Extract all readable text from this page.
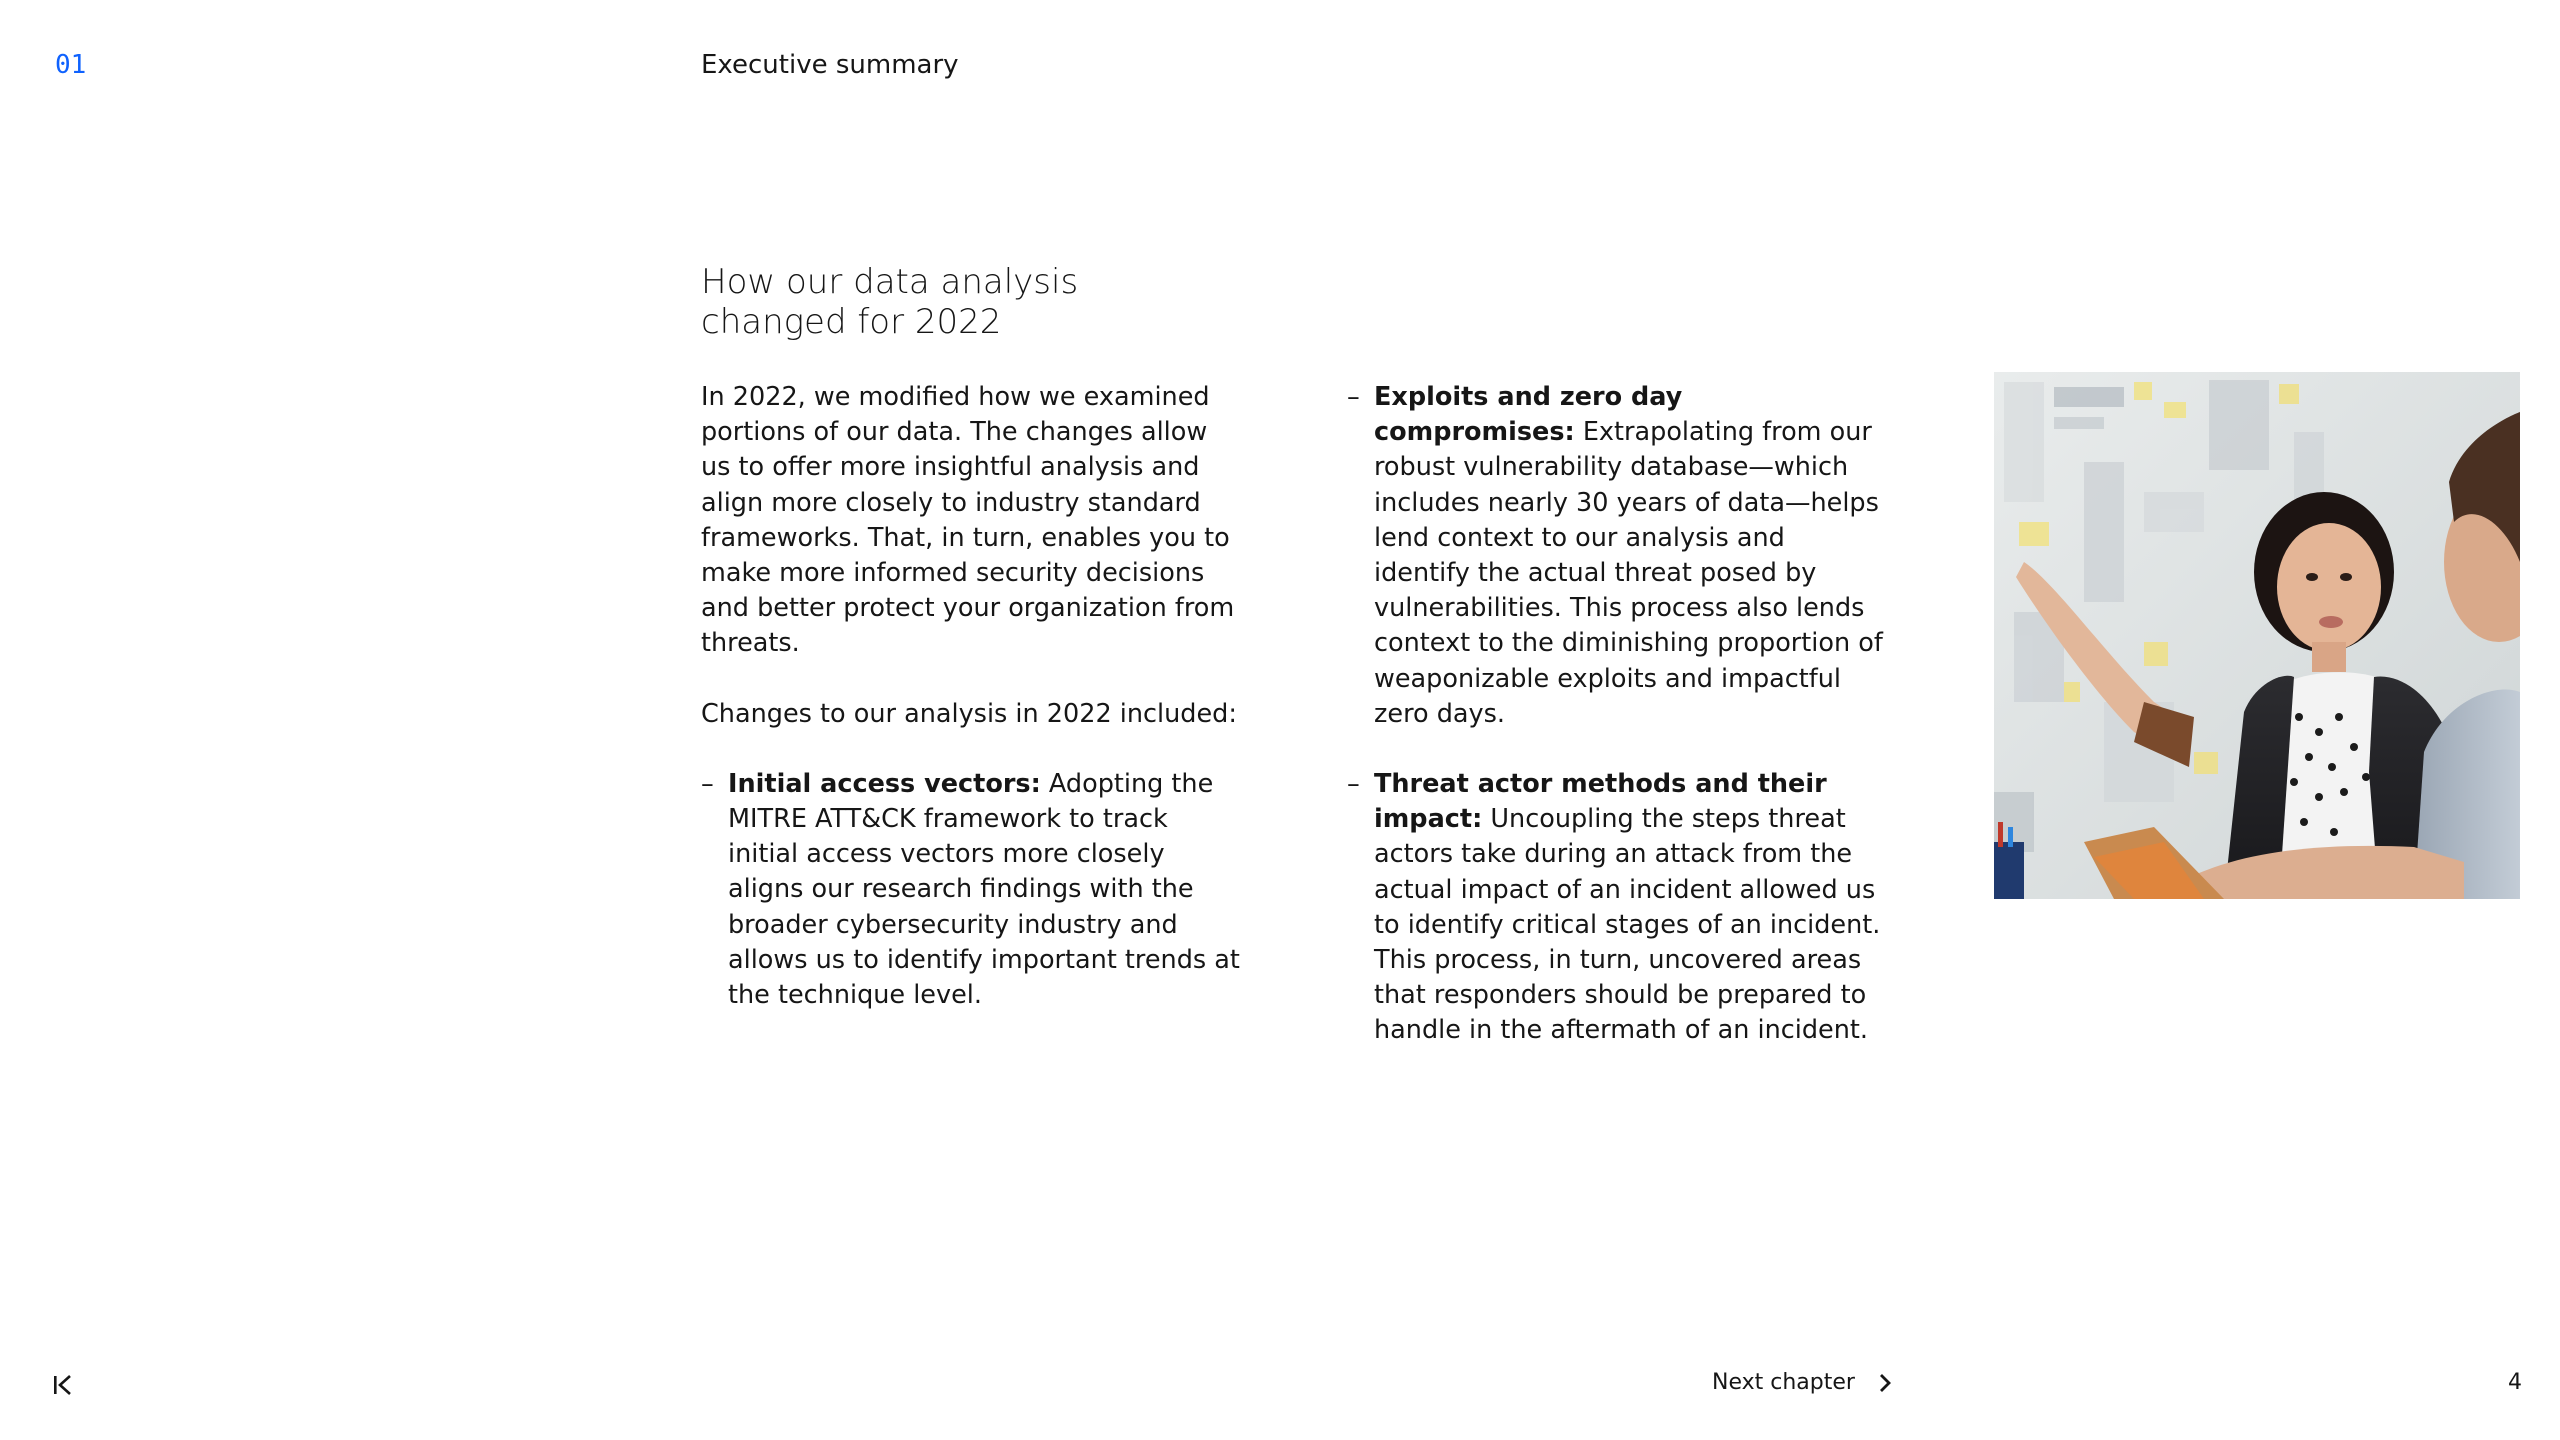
01	Executive summary
How our data analysis changed for 2022

In 2022, we modified how we examined portions of our data. The changes allow us to offer more insightful analysis and align more closely to industry standard frameworks. That, in turn, enables you to make more informed security decisions and better protect your organization from threats.

Changes to our analysis in 2022 included:

– Initial access vectors: Adopting the MITRE ATT&CK framework to track initial access vectors more closely aligns our research findings with the broader cybersecurity industry and allows us to identify important trends at the technique level.
– Exploits and zero day compromises: Extrapolating from our robust vulnerability database—which includes nearly 30 years of data—helps lend context to our analysis and identify the actual threat posed by vulnerabilities. This process also lends context to the diminishing proportion of weaponizable exploits and impactful zero days.
– Threat actor methods and their impact: Uncoupling the steps threat actors take during an attack from the actual impact of an incident allowed us to identify critical stages of an incident. This process, in turn, uncovered areas that responders should be prepared to handle in the aftermath of an incident.
Next chapter	4
